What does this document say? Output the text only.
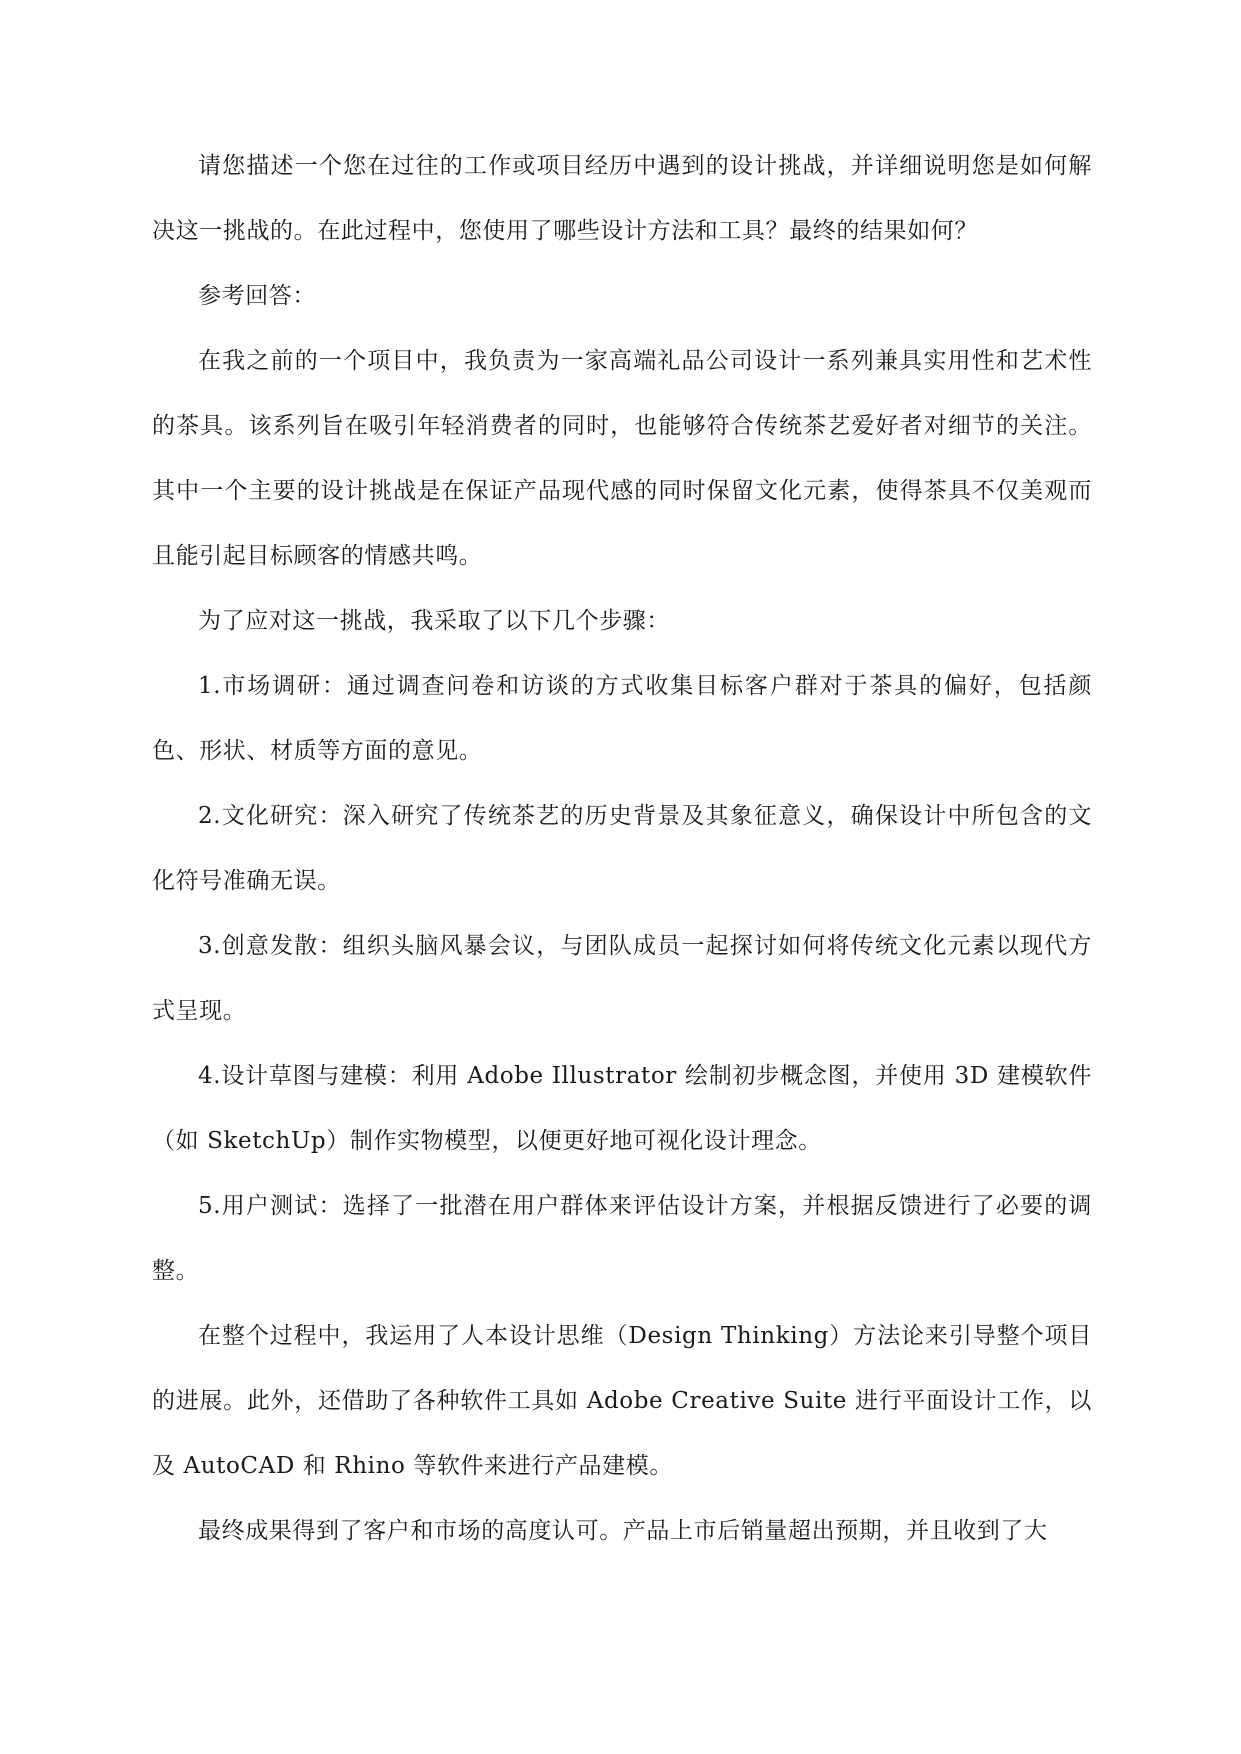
请您描述一个您在过往的工作或项目经历中遇到的设计挑战，并详细说明您是如何解决这一挑战的。在此过程中，您使用了哪些设计方法和工具？最终的结果如何？

参考回答：

在我之前的一个项目中，我负责为一家高端礼品公司设计一系列兼具实用性和艺术性的茶具。该系列旨在吸引年轻消费者的同时，也能够符合传统茶艺爱好者对细节的关注。其中一个主要的设计挑战是在保证产品现代感的同时保留文化元素，使得茶具不仅美观而且能引起目标顾客的情感共鸣。

为了应对这一挑战，我采取了以下几个步骤：

1.市场调研：通过调查问卷和访谈的方式收集目标客户群对于茶具的偏好，包括颜色、形状、材质等方面的意见。

2.文化研究：深入研究了传统茶艺的历史背景及其象征意义，确保设计中所包含的文化符号准确无误。

3.创意发散：组织头脑风暴会议，与团队成员一起探讨如何将传统文化元素以现代方式呈现。

4.设计草图与建模：利用 Adobe Illustrator 绘制初步概念图，并使用 3D 建模软件（如 SketchUp）制作实物模型，以便更好地可视化设计理念。

5.用户测试：选择了一批潜在用户群体来评估设计方案，并根据反馈进行了必要的调整。

在整个过程中，我运用了人本设计思维（Design Thinking）方法论来引导整个项目的进展。此外，还借助了各种软件工具如 Adobe Creative Suite 进行平面设计工作，以及 AutoCAD 和 Rhino 等软件来进行产品建模。

最终成果得到了客户和市场的高度认可。产品上市后销量超出预期，并且收到了大
